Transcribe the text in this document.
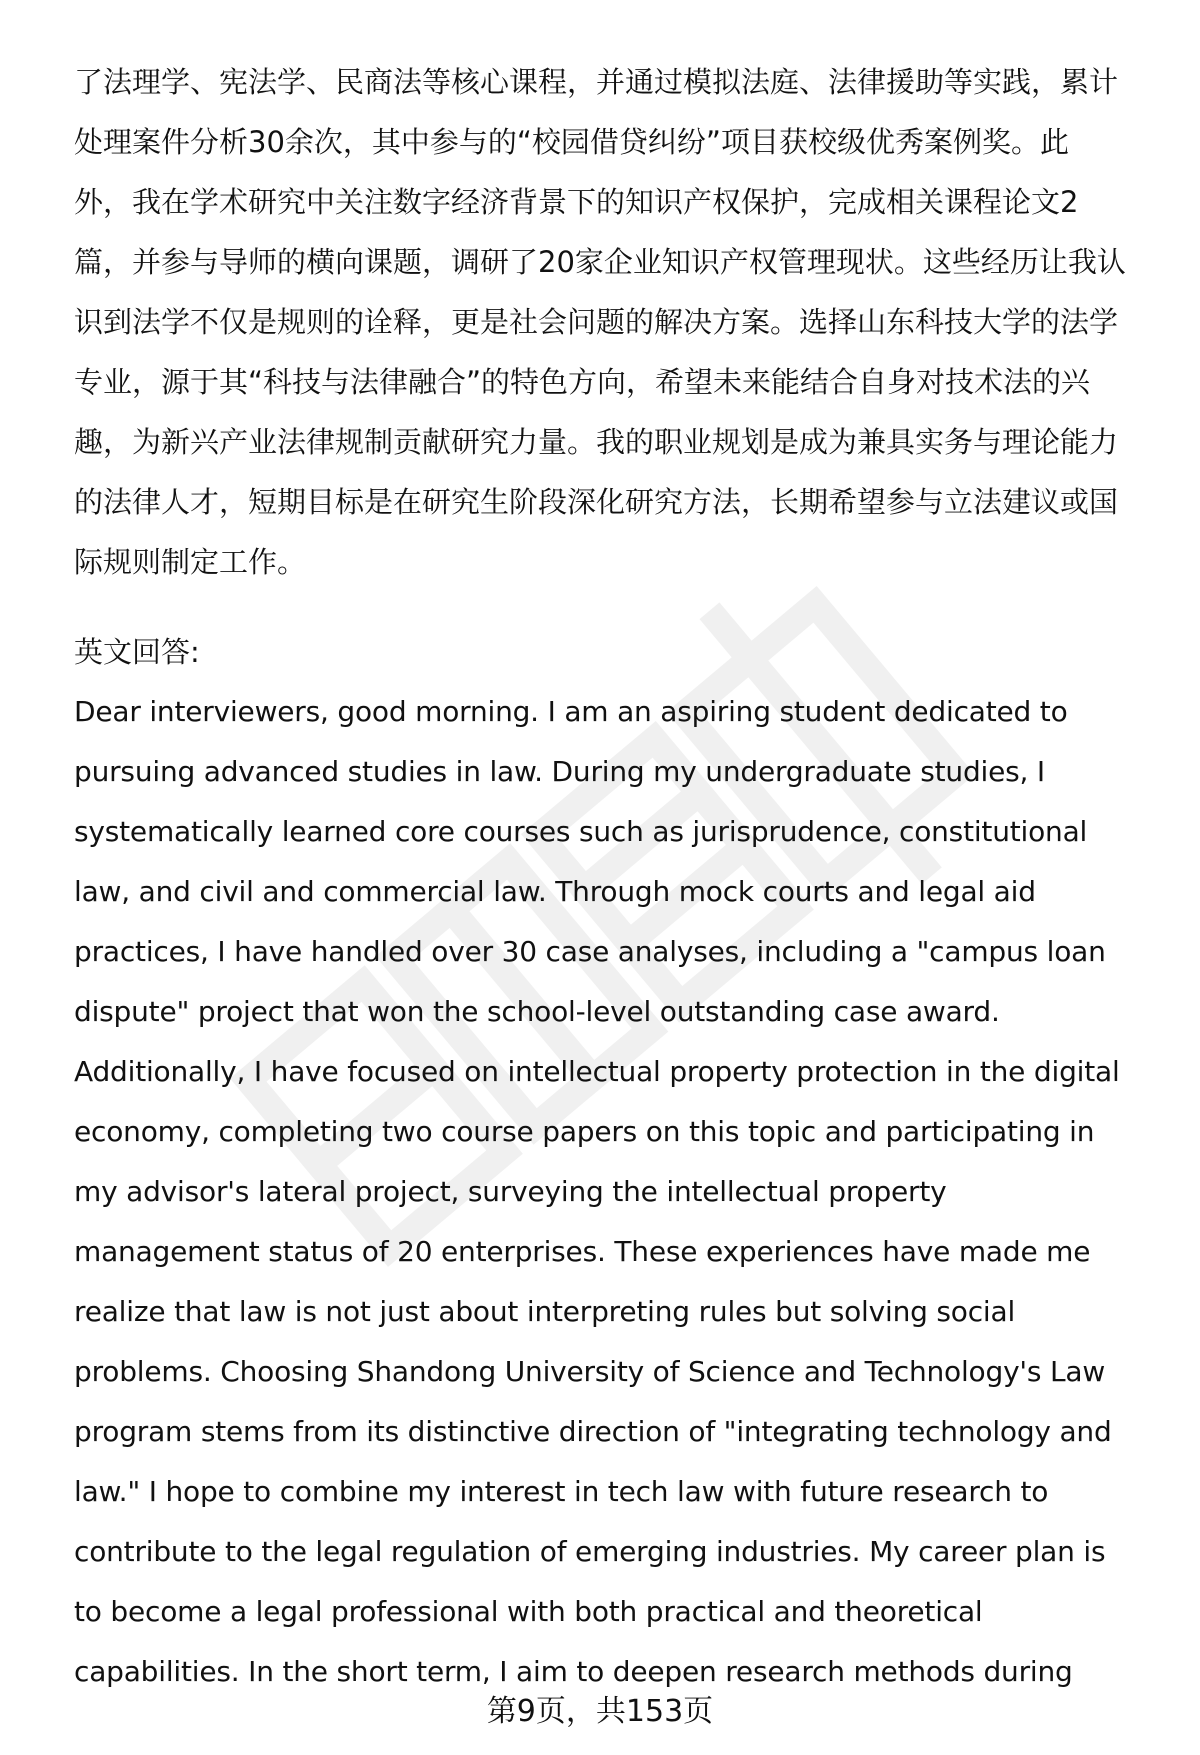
了法理学、宪法学、民商法等核心课程，并通过模拟法庭、法律援助等实践，累计
处理案件分析30余次，其中参与的“校园借贷纠纷”项目获校级优秀案例奖。此
外，我在学术研究中关注数字经济背景下的知识产权保护，完成相关课程论文2
篇，并参与导师的横向课题，调研了20家企业知识产权管理现状。这些经历让我认
识到法学不仅是规则的诠释，更是社会问题的解决方案。选择山东科技大学的法学
专业，源于其“科技与法律融合”的特色方向，希望未来能结合自身对技术法的兴
趣，为新兴产业法律规制贡献研究力量。我的职业规划是成为兼具实务与理论能力
的法律人才，短期目标是在研究生阶段深化研究方法，长期希望参与立法建议或国
际规则制定工作。
英文回答:
Dear interviewers, good morning. I am an aspiring student dedicated to
pursuing advanced studies in law. During my undergraduate studies, I
systematically learned core courses such as jurisprudence, constitutional
law, and civil and commercial law. Through mock courts and legal aid
practices, I have handled over 30 case analyses, including a "campus loan
dispute" project that won the school-level outstanding case award.
Additionally, I have focused on intellectual property protection in the digital
economy, completing two course papers on this topic and participating in
my advisor's lateral project, surveying the intellectual property
management status of 20 enterprises. These experiences have made me
realize that law is not just about interpreting rules but solving social
problems. Choosing Shandong University of Science and Technology's Law
program stems from its distinctive direction of "integrating technology and
law." I hope to combine my interest in tech law with future research to
contribute to the legal regulation of emerging industries. My career plan is
to become a legal professional with both practical and theoretical
capabilities. In the short term, I aim to deepen research methods during
第9页，共153页
